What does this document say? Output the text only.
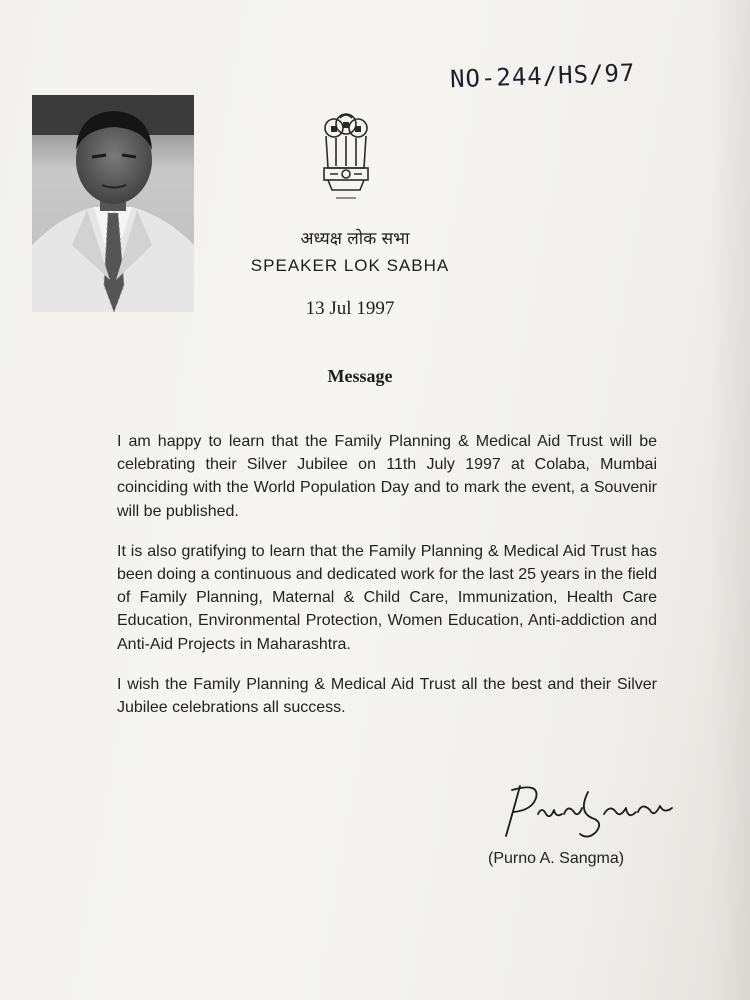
NO-244/HS/97
अध्यक्ष लोक सभा
SPEAKER LOK SABHA
13 Jul 1997
Message

I am happy to learn that the Family Planning & Medical Aid Trust will be celebrating their Silver Jubilee on 11th July 1997 at Colaba, Mumbai coinciding with the World Population Day and to mark the event, a Souvenir will be published.

It is also gratifying to learn that the Family Planning & Medical Aid Trust has been doing a continuous and dedicated work for the last 25 years in the field of Family Planning, Maternal & Child Care, Immunization, Health Care Education, Environmental Protection, Women Education, Anti-addiction and Anti-Aid Projects in Maharashtra.

I wish the Family Planning & Medical Aid Trust all the best and their Silver Jubilee celebrations all success.

(Purno A. Sangma)
